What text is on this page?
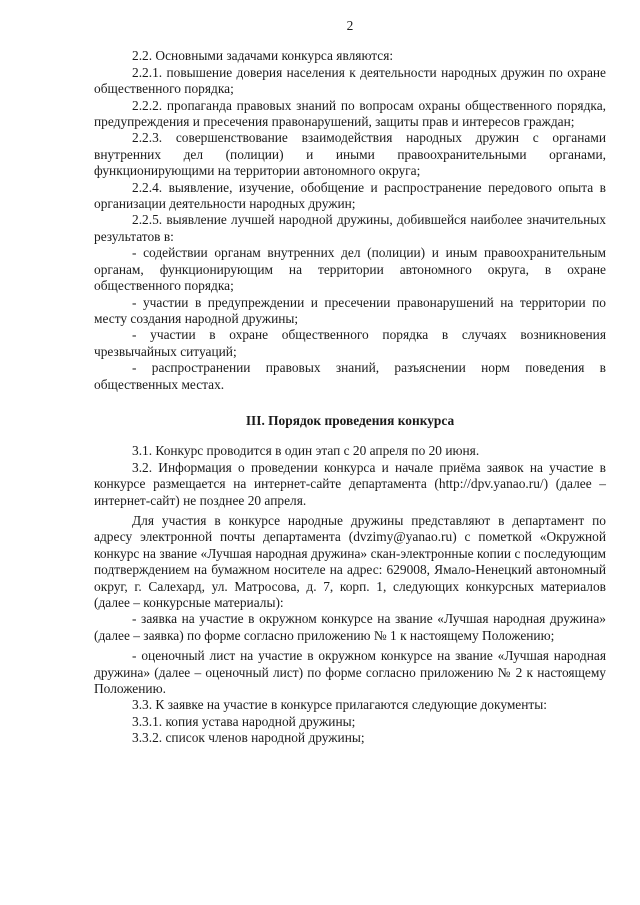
2

2.2. Основными задачами конкурса являются:

2.2.1. повышение доверия населения к деятельности народных дружин по охране общественного порядка;

2.2.2. пропаганда правовых знаний по вопросам охраны общественного порядка, предупреждения и пресечения правонарушений, защиты прав и интересов граждан;

2.2.3. совершенствование взаимодействия народных дружин с органами внутренних дел (полиции) и иными правоохранительными органами, функционирующими на территории автономного округа;

2.2.4. выявление, изучение, обобщение и распространение передового опыта в организации деятельности народных дружин;

2.2.5. выявление лучшей народной дружины, добившейся наиболее значительных результатов в:

- содействии органам внутренних дел (полиции) и иным правоохранительным органам, функционирующим на территории автономного округа, в охране общественного порядка;

- участии в предупреждении и пресечении правонарушений на территории по месту создания народной дружины;

- участии в охране общественного порядка в случаях возникновения чрезвычайных ситуаций;

- распространении правовых знаний, разъяснении норм поведения в общественных местах.

III. Порядок проведения конкурса

3.1. Конкурс проводится в один этап с 20 апреля по 20 июня.

3.2. Информация о проведении конкурса и начале приёма заявок на участие в конкурсе размещается на интернет-сайте департамента (http://dpv.yanao.ru/) (далее – интернет-сайт) не позднее 20 апреля.

Для участия в конкурсе народные дружины представляют в департамент по адресу электронной почты департамента (dvzimy@yanao.ru) с пометкой «Окружной конкурс на звание «Лучшая народная дружина» скан-электронные копии с последующим подтверждением на бумажном носителе на адрес: 629008, Ямало-Ненецкий автономный округ, г. Салехард, ул. Матросова, д. 7, корп. 1, следующих конкурсных материалов (далее – конкурсные материалы):

- заявка на участие в окружном конкурсе на звание «Лучшая народная дружина» (далее – заявка) по форме согласно приложению № 1 к настоящему Положению;

- оценочный лист на участие в окружном конкурсе на звание «Лучшая народная дружина» (далее – оценочный лист) по форме согласно приложению № 2 к настоящему Положению.

3.3. К заявке на участие в конкурсе прилагаются следующие документы:

3.3.1. копия устава народной дружины;

3.3.2. список членов народной дружины;
